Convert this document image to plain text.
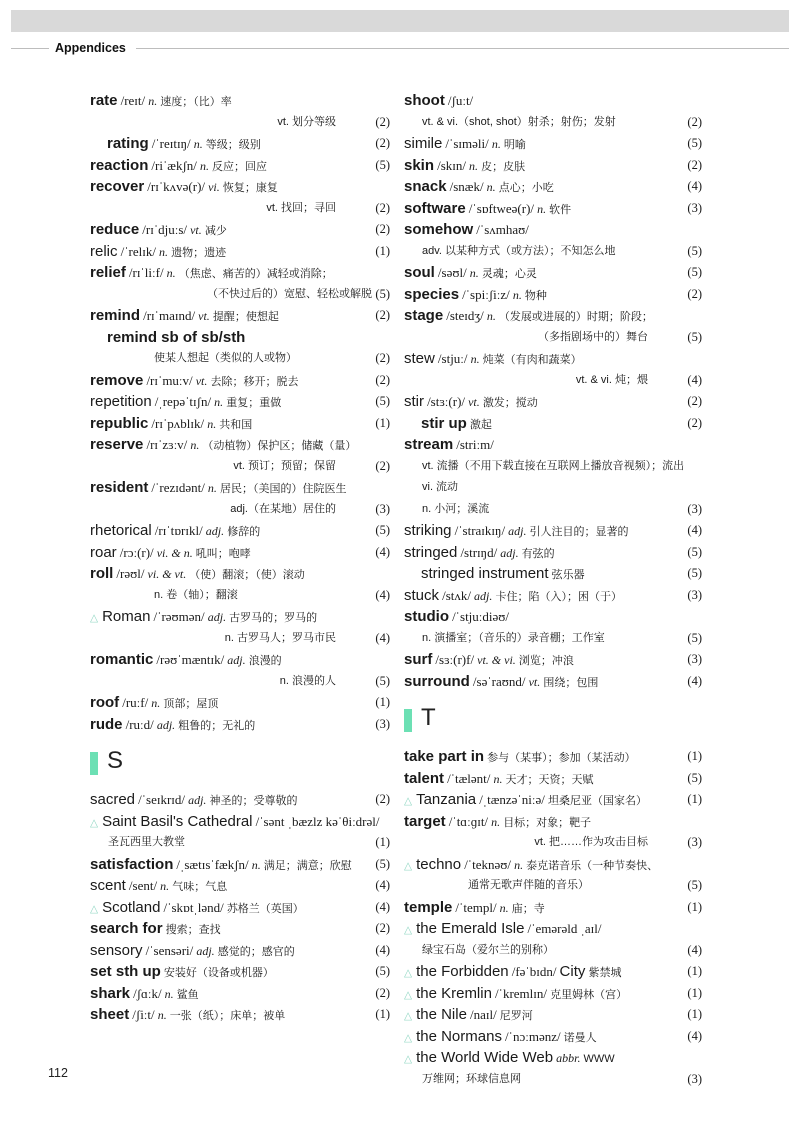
Appendices
rate /reɪt/ n. 速度；（比）率
vt. 划分等级	(2)
rating /ˈreɪtɪŋ/ n. 等级；级别	(2)
reaction /riˈækʃn/ n. 反应；回应	(5)
recover /rɪˈkʌvə(r)/ vi. 恢复；康复
vt. 找回；寻回	(2)
reduce /rɪˈdjuːs/ vt. 减少	(2)
relic /ˈrelɪk/ n. 遗物；遗迹	(1)
relief /rɪˈliːf/ n. （焦虑、痛苦的）减轻或消除；
（不快过后的）宽慰、轻松或解脱 (5)
remind /rɪˈmaɪnd/ vt. 提醒；使想起	(2)
remind sb of sb/sth
使某人想起（类似的人或物）	(2)
remove /rɪˈmuːv/ vt. 去除；移开；脱去	(2)
repetition /ˌrepəˈtɪʃn/ n. 重复；重做	(5)
republic /rɪˈpʌblɪk/ n. 共和国	(1)
reserve /rɪˈzɜːv/ n. （动植物）保护区；储藏（量）
vt. 预订；预留；保留	(2)
resident /ˈrezɪdənt/ n. 居民；（美国的）住院医生
adj.（在某地）居住的	(3)
rhetorical /rɪˈtɒrɪkl/ adj. 修辞的	(5)
roar /rɔː(r)/ vi. & n. 吼叫；咆哮	(4)
roll /rəʊl/ vi. & vt. （使）翻滚；（使）滚动
n. 卷（轴）；翻滚	(4)
△ Roman /ˈrəʊmən/ adj. 古罗马的；罗马的
n. 古罗马人；罗马市民	(4)
romantic /rəʊˈmæntɪk/ adj. 浪漫的
n. 浪漫的人	(5)
roof /ruːf/ n. 顶部；屋顶	(1)
rude /ruːd/ adj. 粗鲁的；无礼的	(3)
S
sacred /ˈseɪkrɪd/ adj. 神圣的；受尊敬的	(2)
△ Saint Basil's Cathedral /ˈsənt ˌbæzlz kəˈθiːdrəl/
圣瓦西里大教堂	(1)
satisfaction /ˌsætɪsˈfækʃn/ n. 满足；满意；欣慰 (5)
scent /sent/ n. 气味；气息	(4)
△ Scotland /ˈskɒtˌlənd/ 苏格兰（英国）	(4)
search for 搜索；查找	(2)
sensory /ˈsensəri/ adj. 感觉的；感官的	(4)
set sth up 安装好（设备或机器）	(5)
shark /ʃɑːk/ n. 鲨鱼	(2)
sheet /ʃiːt/ n. 一张（纸）；床单；被单	(1)
shoot /ʃuːt/
vt. & vi.（shot, shot）射杀；射伤；发射	(2)
simile /ˈsɪməli/ n. 明喻	(5)
skin /skɪn/ n. 皮；皮肤	(2)
snack /snæk/ n. 点心；小吃	(4)
software /ˈsɒftweə(r)/ n. 软件	(3)
somehow /ˈsʌmhaʊ/
adv. 以某种方式（或方法）；不知怎么地	(5)
soul /səʊl/ n. 灵魂；心灵	(5)
species /ˈspiːʃiːz/ n. 物种	(2)
stage /steɪdʒ/ n. （发展或进展的）时期；阶段；
（多指剧场中的）舞台	(5)
stew /stjuː/ n. 炖菜（有肉和蔬菜）
vt. & vi. 炖；煨	(4)
stir /stɜː(r)/ vt. 激发；搅动	(2)
stir up 激起	(2)
stream /striːm/
vt. 流播（不用下载直接在互联网上播放音视频）；流出
vi. 流动
n. 小河；溪流	(3)
striking /ˈstraɪkɪŋ/ adj. 引人注目的；显著的	(4)
stringed /strɪŋd/ adj. 有弦的	(5)
stringed instrument 弦乐器	(5)
stuck /stʌk/ adj. 卡住；陷（入）；困（于）	(3)
studio /ˈstjuːdiəʊ/
n. 演播室；（音乐的）录音棚；工作室	(5)
surf /sɜː(r)f/ vt. & vi. 浏览；冲浪	(3)
surround /səˈraʊnd/ vt. 围绕；包围	(4)
T
take part in 参与（某事）；参加（某活动）	(1)
talent /ˈtælənt/ n. 天才；天资；天赋	(5)
△ Tanzania /ˌtænzəˈniːə/ 坦桑尼亚（国家名）	(1)
target /ˈtɑːɡɪt/ n. 目标；对象；靶子
vt. 把……作为攻击目标	(3)
△ techno /ˈteknəʊ/ n. 泰克诺音乐（一种节奏快、
通常无歌声伴随的音乐）	(5)
temple /ˈtempl/ n. 庙；寺	(1)
△ the Emerald Isle /ˈemərəld ˌaɪl/
绿宝石岛（爱尔兰的别称）	(4)
△ the Forbidden /fəˈbɪdn/ City 紫禁城	(1)
△ the Kremlin /ˈkremlɪn/ 克里姆林（宫）	(1)
△ the Nile /naɪl/ 尼罗河	(1)
△ the Normans /ˈnɔːmənz/ 诺曼人	(4)
△ the World Wide Web abbr. WWW
万维网；环球信息网	(3)
112
